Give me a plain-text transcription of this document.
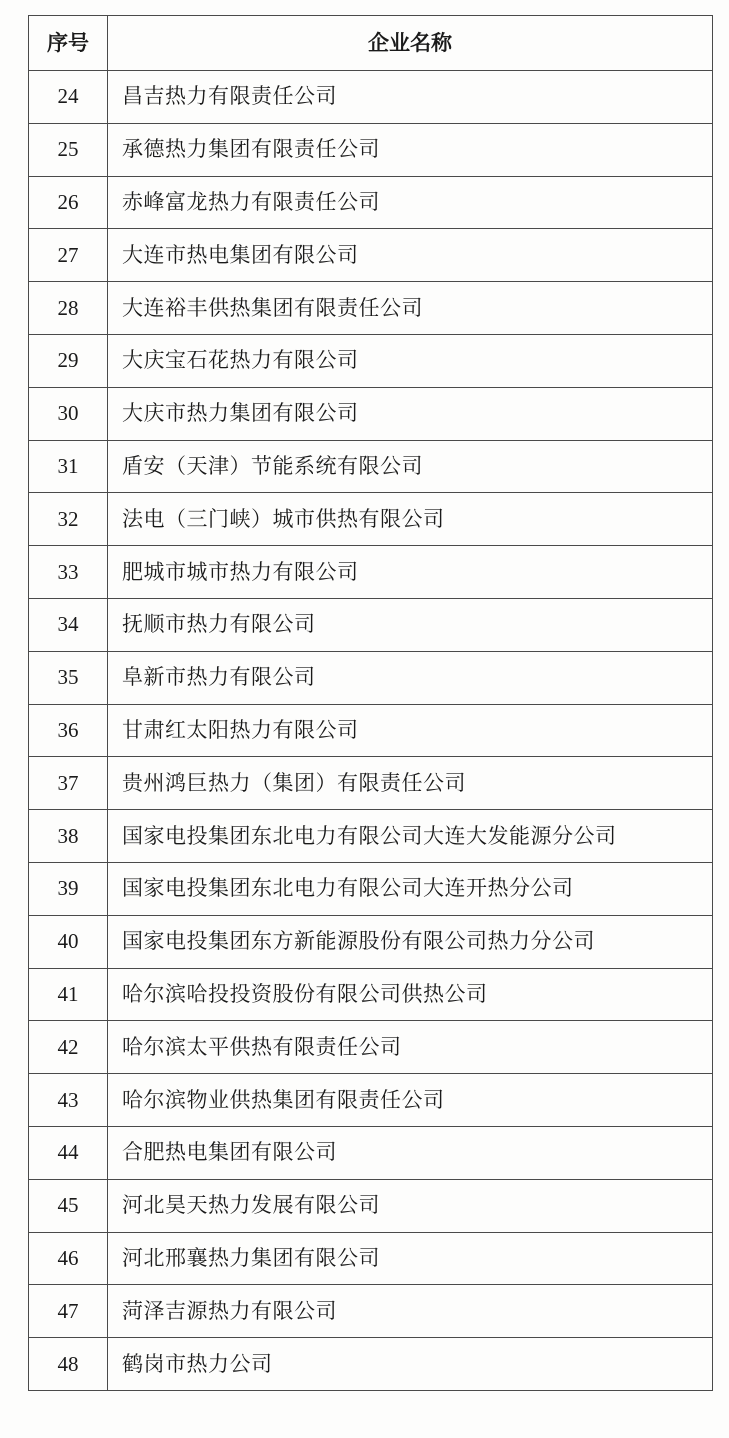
序号	企业名称
24	昌吉热力有限责任公司
25	承德热力集团有限责任公司
26	赤峰富龙热力有限责任公司
27	大连市热电集团有限公司
28	大连裕丰供热集团有限责任公司
29	大庆宝石花热力有限公司
30	大庆市热力集团有限公司
31	盾安（天津）节能系统有限公司
32	法电（三门峡）城市供热有限公司
33	肥城市城市热力有限公司
34	抚顺市热力有限公司
35	阜新市热力有限公司
36	甘肃红太阳热力有限公司
37	贵州鸿巨热力（集团）有限责任公司
38	国家电投集团东北电力有限公司大连大发能源分公司
39	国家电投集团东北电力有限公司大连开热分公司
40	国家电投集团东方新能源股份有限公司热力分公司
41	哈尔滨哈投投资股份有限公司供热公司
42	哈尔滨太平供热有限责任公司
43	哈尔滨物业供热集团有限责任公司
44	合肥热电集团有限公司
45	河北昊天热力发展有限公司
46	河北邢襄热力集团有限公司
47	菏泽吉源热力有限公司
48	鹤岗市热力公司
